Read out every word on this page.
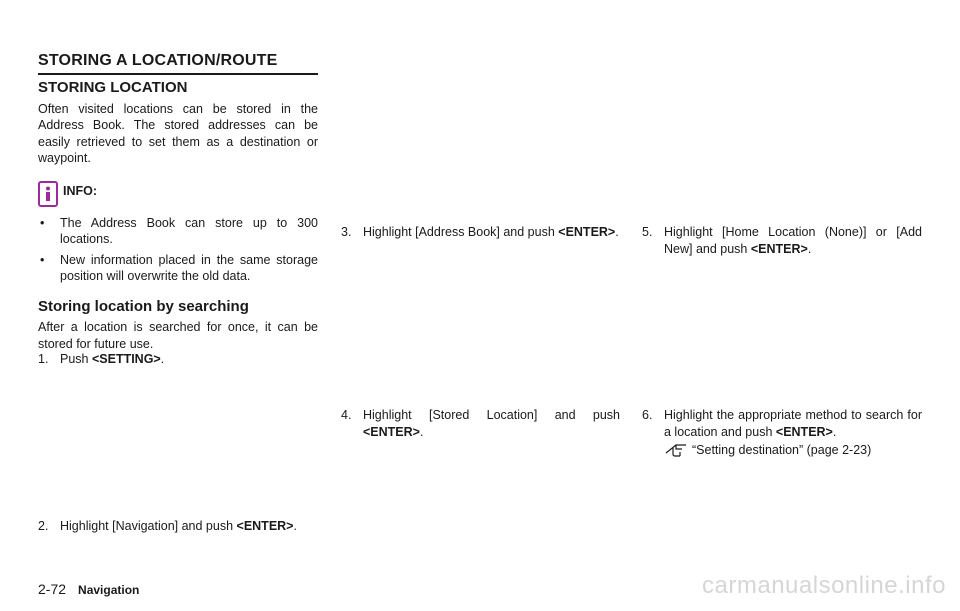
STORING A LOCATION/ROUTE
STORING LOCATION

Often visited locations can be stored in the Address Book. The stored addresses can be easily retrieved to set them as a destination or waypoint.

INFO:
• The Address Book can store up to 300 locations.
• New information placed in the same storage position will overwrite the old data.
Storing location by searching

After a location is searched for once, it can be stored for future use.

1. Push <SETTING>.
2. Highlight [Navigation] and push <ENTER>.
3. Highlight [Address Book] and push <ENTER>.
4. Highlight [Stored Location] and push <ENTER>.
5. Highlight [Home Location (None)] or [Add New] and push <ENTER>.
6. Highlight the appropriate method to search for a location and push <ENTER>.
“Setting destination” (page 2-23)
2-72 Navigation	carmanualsonline.info
